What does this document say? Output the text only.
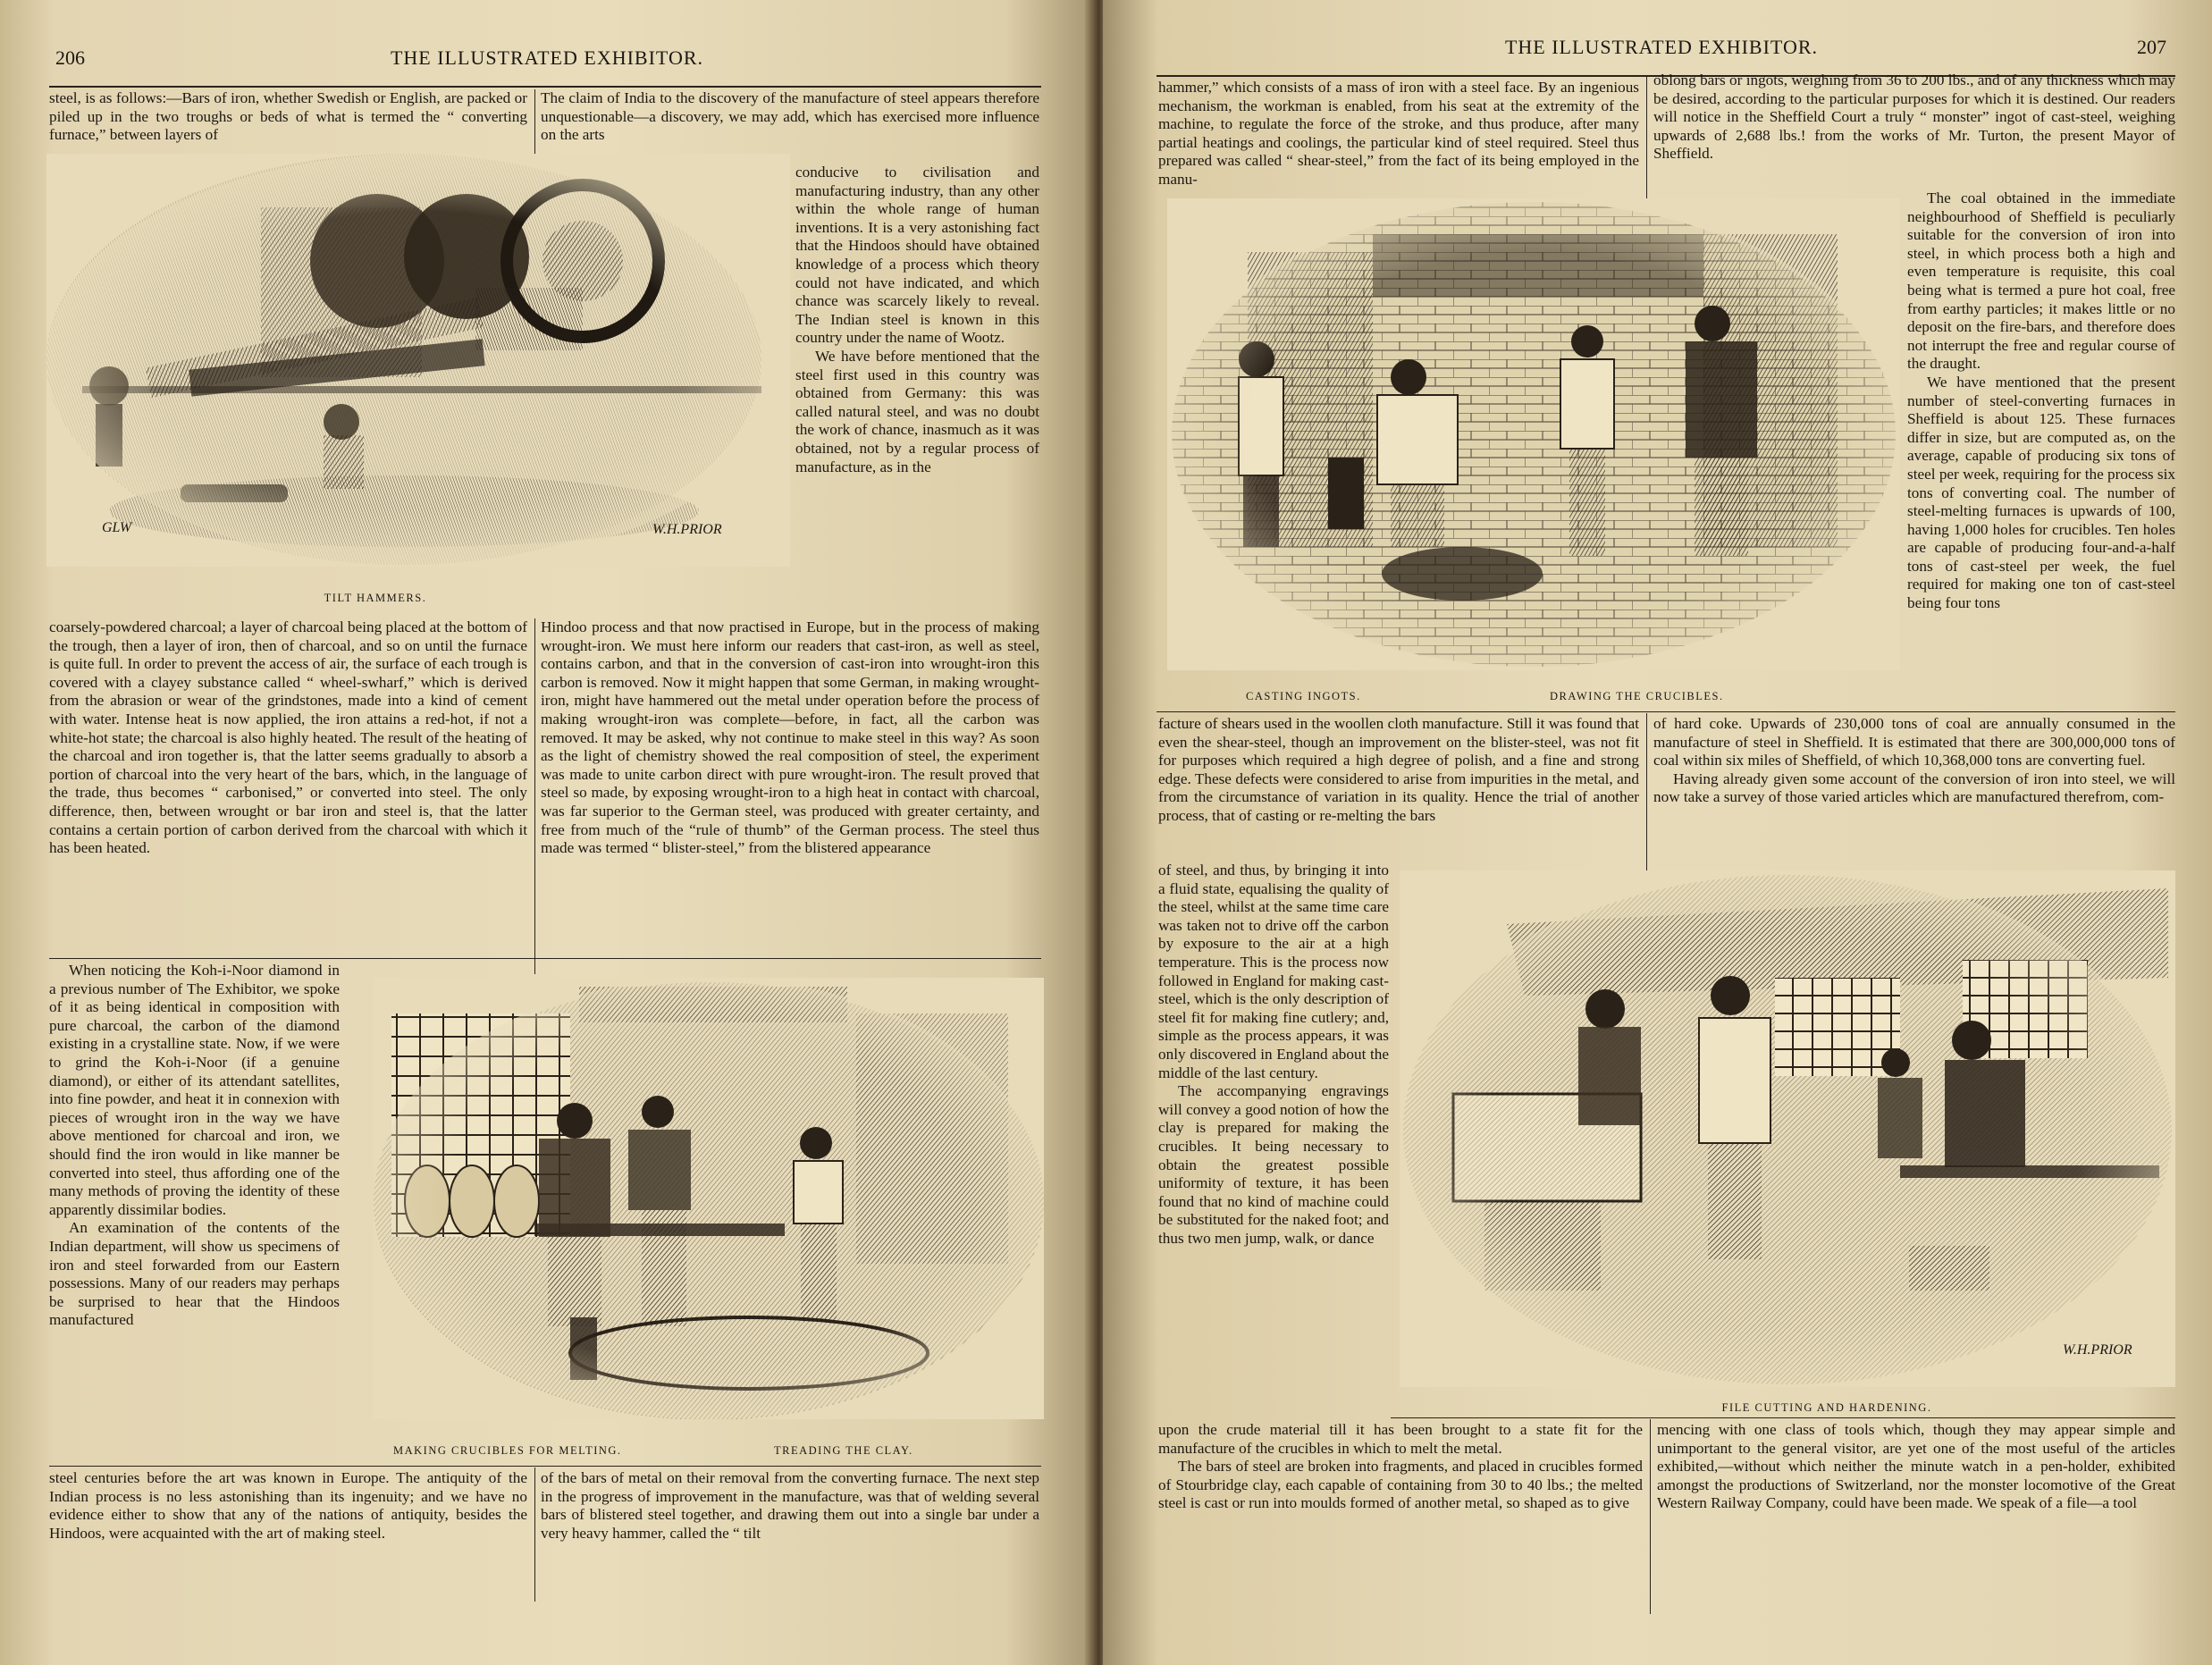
206	THE ILLUSTRATED EXHIBITOR.

steel, is as follows:—Bars of iron, whether Swedish or English, are packed or piled up in the two troughs or beds of what is termed the “ converting furnace,” between layers of

The claim of India to the discovery of the manufacture of steel appears therefore unquestionable—a discovery, we may add, which has exercised more influence on the arts

GLW	W.H.PRIOR
TILT HAMMERS.

conducive to civilisation and manufacturing industry, than any other within the whole range of human inventions. It is a very astonishing fact that the Hindoos should have obtained knowledge of a process which theory could not have indicated, and which chance was scarcely likely to reveal. The Indian steel is known in this country under the name of Wootz.

We have before mentioned that the steel first used in this country was obtained from Germany: this was called natural steel, and was no doubt the work of chance, inasmuch as it was obtained, not by a regular process of manufacture, as in the

coarsely-powdered charcoal; a layer of charcoal being placed at the bottom of the trough, then a layer of iron, then of charcoal, and so on until the furnace is quite full. In order to prevent the access of air, the surface of each trough is covered with a clayey substance called “ wheel-swharf,” which is derived from the abrasion or wear of the grindstones, made into a kind of cement with water. Intense heat is now applied, the iron attains a red-hot, if not a white-hot state; the charcoal is also highly heated. The result of the heating of the charcoal and iron together is, that the latter seems gradually to absorb a portion of charcoal into the very heart of the bars, which, in the language of the trade, thus becomes “ carbonised,” or converted into steel. The only difference, then, between wrought or bar iron and steel is, that the latter contains a certain portion of carbon derived from the charcoal with which it has been heated.

Hindoo process and that now practised in Europe, but in the process of making wrought-iron. We must here inform our readers that cast-iron, as well as steel, contains carbon, and that in the conversion of cast-iron into wrought-iron this carbon is removed. Now it might happen that some German, in making wrought-iron, might have hammered out the metal under operation before the process of making wrought-iron was complete—before, in fact, all the carbon was removed. It may be asked, why not continue to make steel in this way? As soon as the light of chemistry showed the real composition of steel, the experiment was made to unite carbon direct with pure wrought-iron. The result proved that steel so made, by exposing wrought-iron to a high heat in contact with charcoal, was far superior to the German steel, was produced with greater certainty, and free from much of the “rule of thumb” of the German process. The steel thus made was termed “ blister-steel,” from the blistered appearance

When noticing the Koh-i-Noor diamond in a previous number of The Exhibitor, we spoke of it as being identical in composition with pure charcoal, the carbon of the diamond existing in a crystalline state. Now, if we were to grind the Koh-i-Noor (if a genuine diamond), or either of its attendant satellites, into fine powder, and heat it in connexion with pieces of wrought iron in the way we have above mentioned for charcoal and iron, we should find the iron would in like manner be converted into steel, thus affording one of the many methods of proving the identity of these apparently dissimilar bodies.

An examination of the contents of the Indian department, will show us specimens of iron and steel forwarded from our Eastern possessions. Many of our readers may perhaps be surprised to hear that the Hindoos manufactured

MAKING CRUCIBLES FOR MELTING.	TREADING THE CLAY.

steel centuries before the art was known in Europe. The antiquity of the Indian process is no less astonishing than its ingenuity; and we have no evidence either to show that any of the nations of antiquity, besides the Hindoos, were acquainted with the art of making steel.

of the bars of metal on their removal from the converting furnace. The next step in the progress of improvement in the manufacture, was that of welding several bars of blistered steel together, and drawing them out into a single bar under a very heavy hammer, called the “ tilt

THE ILLUSTRATED EXHIBITOR.	207

hammer,” which consists of a mass of iron with a steel face. By an ingenious mechanism, the workman is enabled, from his seat at the extremity of the machine, to regulate the force of the stroke, and thus produce, after many partial heatings and coolings, the particular kind of steel required. Steel thus prepared was called “ shear-steel,” from the fact of its being employed in the manu-

oblong bars or ingots, weighing from 36 to 200 lbs., and of any thickness which may be desired, according to the particular purposes for which it is destined. Our readers will notice in the Sheffield Court a truly “ monster” ingot of cast-steel, weighing upwards of 2,688 lbs.! from the works of Mr. Turton, the present Mayor of Sheffield.

CASTING INGOTS.	DRAWING THE CRUCIBLES.

The coal obtained in the immediate neighbourhood of Sheffield is peculiarly suitable for the conversion of iron into steel, in which process both a high and even temperature is requisite, this coal being what is termed a pure hot coal, free from earthy particles; it makes little or no deposit on the fire-bars, and therefore does not interrupt the free and regular course of the draught.

We have mentioned that the present number of steel-converting furnaces in Sheffield is about 125. These furnaces differ in size, but are computed as, on the average, capable of producing six tons of steel per week, requiring for the process six tons of converting coal. The number of steel-melting furnaces is upwards of 100, having 1,000 holes for crucibles. Ten holes are capable of producing four-and-a-half tons of cast-steel per week, the fuel required for making one ton of cast-steel being four tons

facture of shears used in the woollen cloth manufacture. Still it was found that even the shear-steel, though an improvement on the blister-steel, was not fit for purposes which required a high degree of polish, and a fine and strong edge. These defects were considered to arise from impurities in the metal, and from the circumstance of variation in its quality. Hence the trial of another process, that of casting or re-melting the bars

of hard coke. Upwards of 230,000 tons of coal are annually consumed in the manufacture of steel in Sheffield. It is estimated that there are 300,000,000 tons of coal within six miles of Sheffield, of which 10,368,000 tons are converting fuel.

Having already given some account of the conversion of iron into steel, we will now take a survey of those varied articles which are manufactured therefrom, com-

of steel, and thus, by bringing it into a fluid state, equalising the quality of the steel, whilst at the same time care was taken not to drive off the carbon by exposure to the air at a high temperature. This is the process now followed in England for making cast-steel, which is the only description of steel fit for making fine cutlery; and, simple as the process appears, it was only discovered in England about the middle of the last century.

The accompanying engravings will convey a good notion of how the clay is prepared for making the crucibles. It being necessary to obtain the greatest possible uniformity of texture, it has been found that no kind of machine could be substituted for the naked foot; and thus two men jump, walk, or dance

W.H.PRIOR
FILE CUTTING AND HARDENING.

upon the crude material till it has been brought to a state fit for the manufacture of the crucibles in which to melt the metal.

The bars of steel are broken into fragments, and placed in crucibles formed of Stourbridge clay, each capable of containing from 30 to 40 lbs.; the melted steel is cast or run into moulds formed of another metal, so shaped as to give

mencing with one class of tools which, though they may appear simple and unimportant to the general visitor, are yet one of the most useful of the articles exhibited,—without which neither the minute watch in a pen-holder, exhibited amongst the productions of Switzerland, nor the monster locomotive of the Great Western Railway Company, could have been made. We speak of a file—a tool
